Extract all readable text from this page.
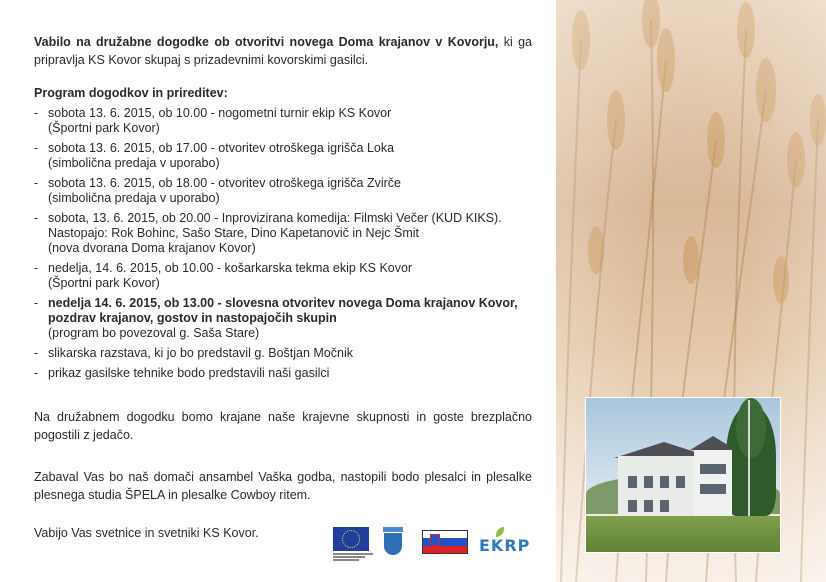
Vabilo na družabne dogodke ob otvoritvi novega Doma krajanov v Kovorju, ki ga pripravlja KS Kovor skupaj s prizadevnimi kovorskimi gasilci.
Program dogodkov in prireditev:
- sobota 13. 6. 2015, ob 10.00 - nogometni turnir ekip KS Kovor
(Športni park Kovor)
- sobota 13. 6. 2015, ob 17.00 - otvoritev otroškega igrišča Loka
(simbolična predaja v uporabo)
- sobota 13. 6. 2015, ob 18.00 - otvoritev otroškega igrišča Zvirče
(simbolična predaja v uporabo)
- sobota, 13. 6. 2015, ob 20.00 - Inprovizirana komedija: Filmski Večer (KUD KIKS).
Nastopajo: Rok Bohinc, Sašo Stare, Dino Kapetanovič in Nejc Šmit
(nova dvorana Doma krajanov Kovor)
- nedelja, 14. 6. 2015, ob 10.00 - košarkarska tekma ekip KS Kovor
(Športni park Kovor)
- nedelja 14. 6. 2015, ob 13.00 - slovesna otvoritev novega Doma krajanov Kovor, pozdrav krajanov, gostov in nastopajočih skupin
(program bo povezoval g. Saša Stare)
- slikarska razstava, ki jo bo predstavil g. Boštjan Močnik
- prikaz gasilske tehnike bodo predstavili naši gasilci
Na družabnem dogodku bomo krajane naše krajevne skupnosti in goste brezplačno pogostili z jedačo.
Zabaval Vas bo naš domači ansambel Vaška godba, nastopili bodo plesalci in plesalke plesnega studia ŠPELA in plesalke Cowboy ritem.
Vabijo Vas svetnice in svetniki KS Kovor.
EKRP
